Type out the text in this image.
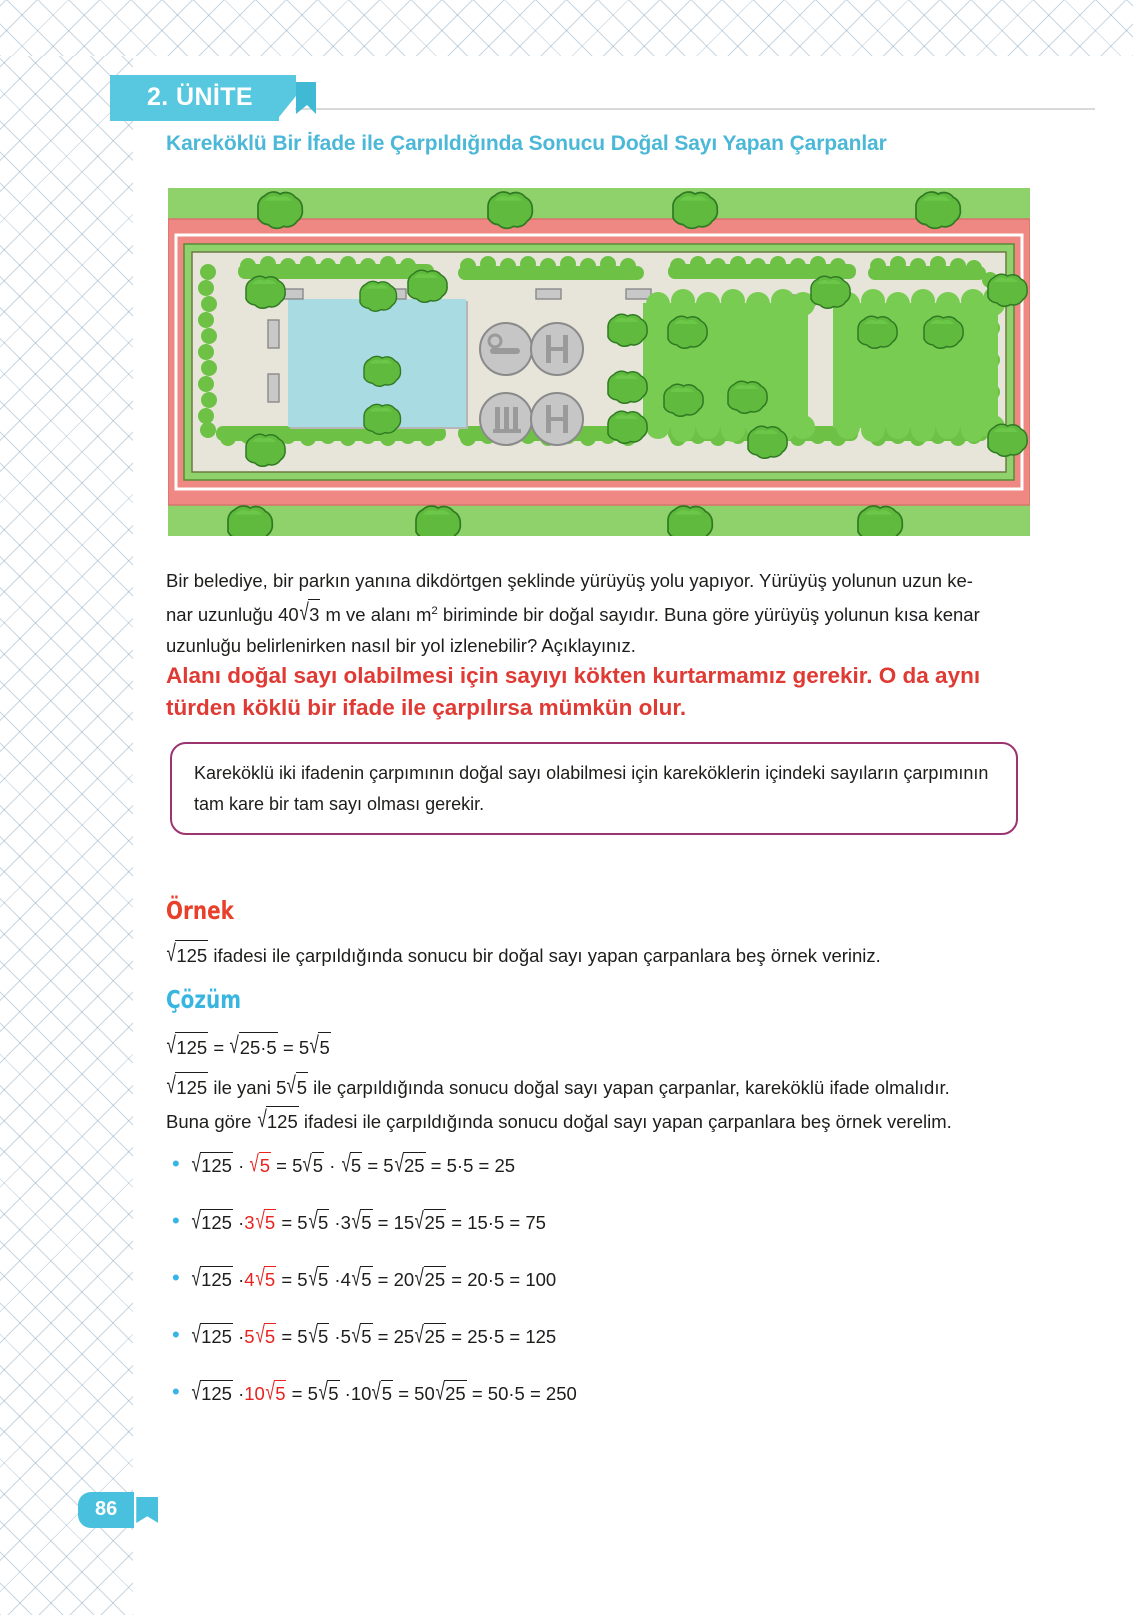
2. ÜNİTE
Kareköklü Bir İfade ile Çarpıldığında Sonucu Doğal Sayı Yapan Çarpanlar
Bir belediye, bir parkın yanına dikdörtgen şeklinde yürüyüş yolu yapıyor. Yürüyüş yolunun uzun ke-
nar uzunluğu 40√3 m ve alanı $m^2$ biriminde bir doğal sayıdır. Buna göre yürüyüş yolunun kısa kenar
uzunluğu belirlenirken nasıl bir yol izlenebilir? Açıklayınız.
Alanı doğal sayı olabilmesi için sayıyı kökten kurtarmamız gerekir. O da aynı
türden köklü bir ifade ile çarpılırsa mümkün olur.
Kareköklü iki ifadenin çarpımının doğal sayı olabilmesi için kareköklerin içindeki sayıların çarpımının tam kare bir tam sayı olması gerekir.
Örnek
√125 ifadesi ile çarpıldığında sonucu bir doğal sayı yapan çarpanlara beş örnek veriniz.
Çözüm
√125 = √25·5 = 5√5
√125 ile yani 5√5 ile çarpıldığında sonucu doğal sayı yapan çarpanlar, kareköklü ifade olmalıdır.
Buna göre √125 ifadesi ile çarpıldığında sonucu doğal sayı yapan çarpanlara beş örnek verelim.
• √125 · √5 = 5√5 · √5 = 5√25 = 5·5 = 25
• √125 ·3√5 = 5√5 ·3√5 = 15√25 = 15·5 = 75
• √125 ·4√5 = 5√5 ·4√5 = 20√25 = 20·5 = 100
• √125 ·5√5 = 5√5 ·5√5 = 25√25 = 25·5 = 125
• √125 ·10√5 = 5√5 ·10√5 = 50√25 = 50·5 = 250
86
